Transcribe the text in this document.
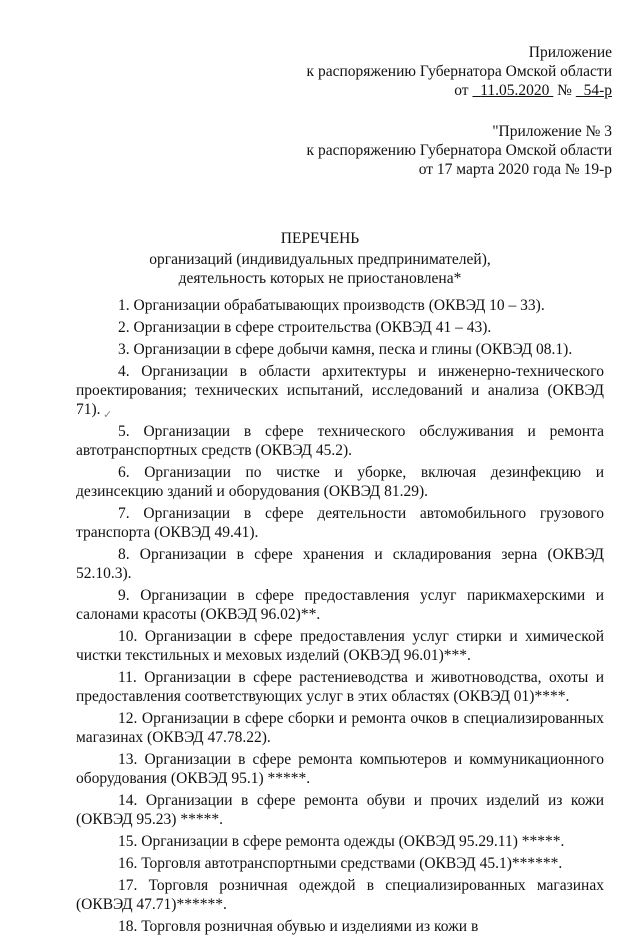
Приложение
к распоряжению Губернатора Омской области
от 11.05.2020 № 54-р
"Приложение № 3
к распоряжению Губернатора Омской области
от 17 марта 2020 года № 19-р
ПЕРЕЧЕНЬ
организаций (индивидуальных предпринимателей),
деятельность которых не приостановлена*
✓

1. Организации обрабатывающих производств (ОКВЭД 10 – 33).

2. Организации в сфере строительства (ОКВЭД 41 – 43).

3. Организации в сфере добычи камня, песка и глины (ОКВЭД 08.1).

4. Организации в области архитектуры и инженерно-технического проектирования; технических испытаний, исследований и анализа (ОКВЭД 71).

5. Организации в сфере технического обслуживания и ремонта автотранспортных средств (ОКВЭД 45.2).

6. Организации по чистке и уборке, включая дезинфекцию и дезинсекцию зданий и оборудования (ОКВЭД 81.29).

7. Организации в сфере деятельности автомобильного грузового транспорта (ОКВЭД 49.41).

8. Организации в сфере хранения и складирования зерна (ОКВЭД 52.10.3).

9. Организации в сфере предоставления услуг парикмахерскими и салонами красоты (ОКВЭД 96.02)**.

10. Организации в сфере предоставления услуг стирки и химической чистки текстильных и меховых изделий (ОКВЭД 96.01)***.

11. Организации в сфере растениеводства и животноводства, охоты и предоставления соответствующих услуг в этих областях (ОКВЭД 01)****.

12. Организации в сфере сборки и ремонта очков в специализированных магазинах (ОКВЭД 47.78.22).

13. Организации в сфере ремонта компьютеров и коммуникационного оборудования (ОКВЭД 95.1) *****.

14. Организации в сфере ремонта обуви и прочих изделий из кожи (ОКВЭД 95.23) *****.

15. Организации в сфере ремонта одежды (ОКВЭД 95.29.11) *****.

16. Торговля автотранспортными средствами (ОКВЭД 45.1)******.

17. Торговля розничная одеждой в специализированных магазинах (ОКВЭД 47.71)******.

18. Торговля розничная обувью и изделиями из кожи в
